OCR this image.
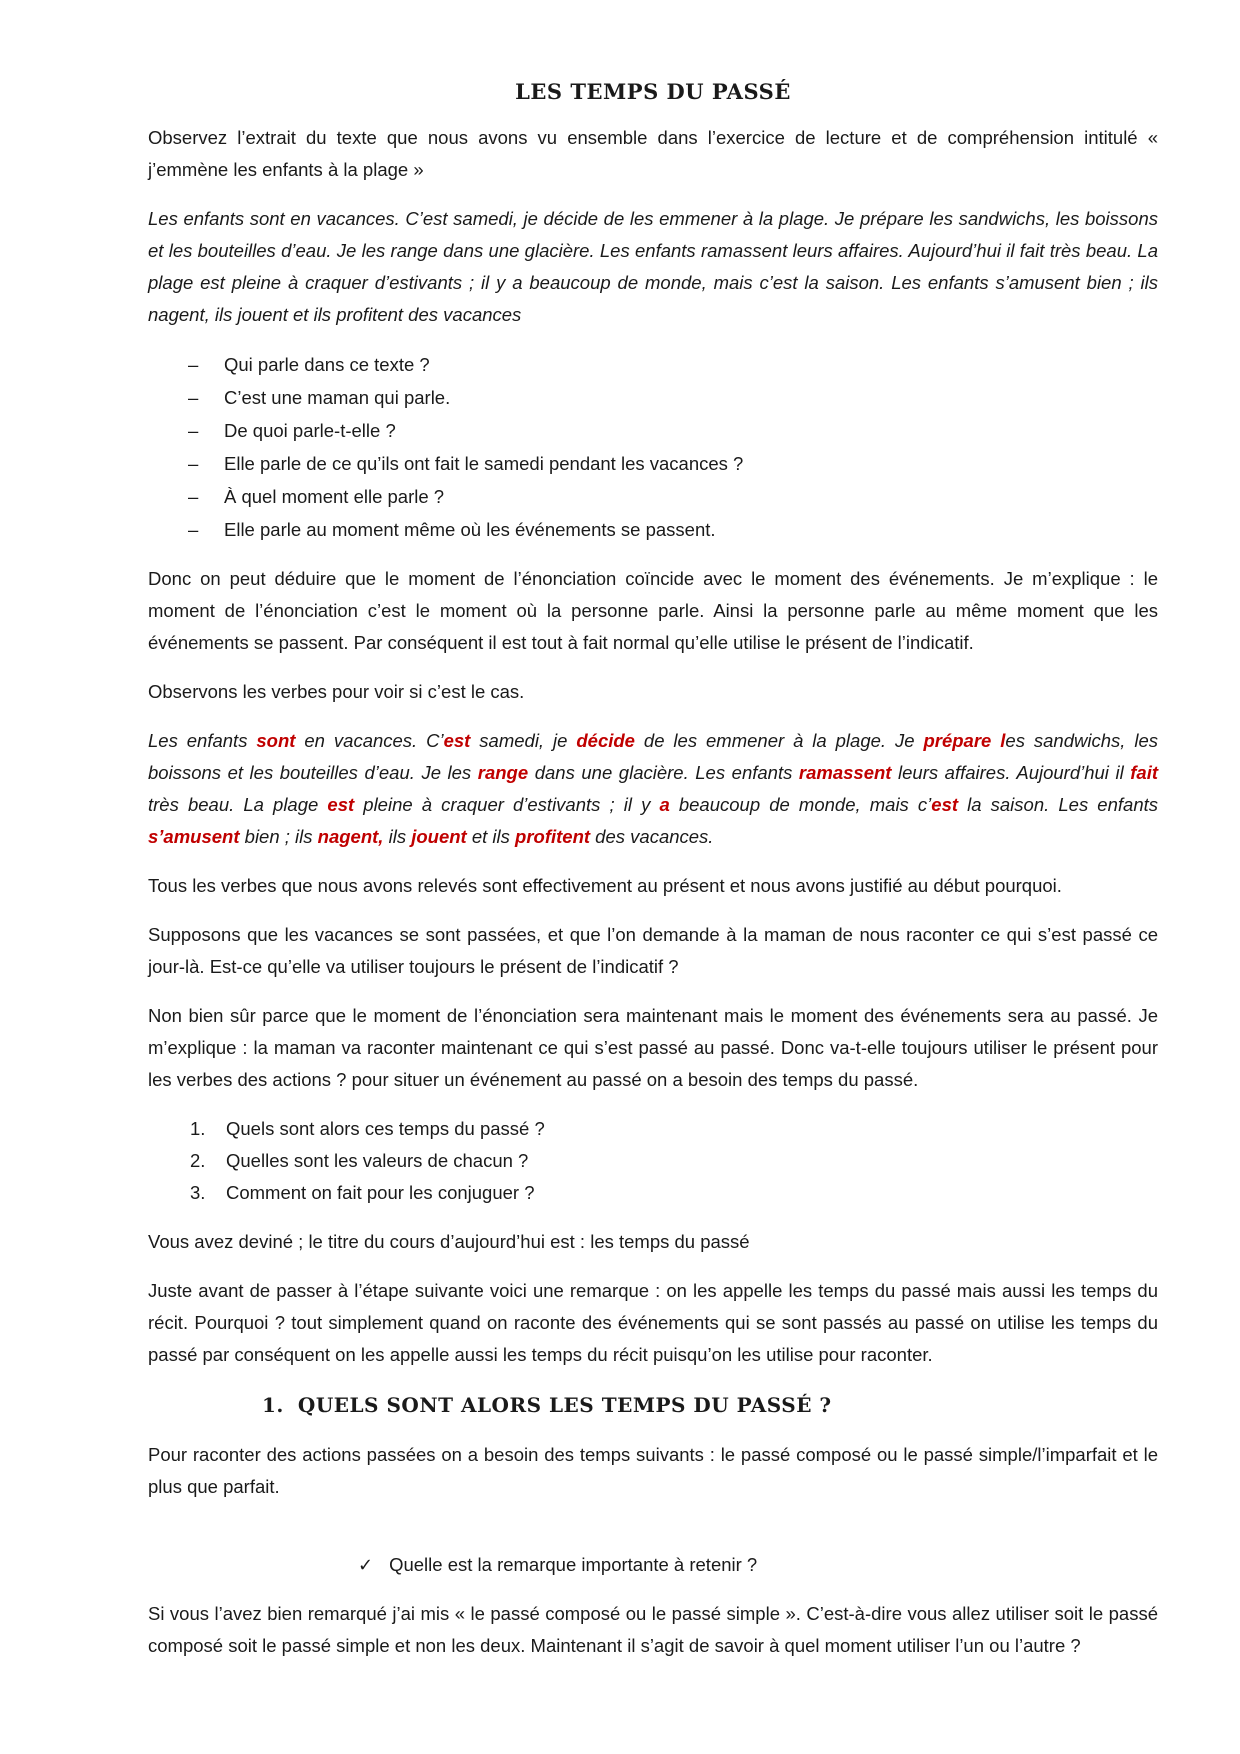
LES TEMPS DU PASSÉ

Observez l’extrait du texte que nous avons vu ensemble dans l’exercice de lecture et de compréhension intitulé « j’emmène les enfants à la plage »

Les enfants sont en vacances. C’est samedi, je décide de les emmener à la plage. Je prépare les sandwichs, les boissons et les bouteilles d’eau. Je les range dans une glacière. Les enfants ramassent leurs affaires. Aujourd’hui il fait très beau. La plage est pleine à craquer d’estivants ; il y a beaucoup de monde, mais c’est la saison. Les enfants s’amusent bien ; ils nagent, ils jouent et ils profitent des vacances

– Qui parle dans ce texte ?
– C’est une maman qui parle.
– De quoi parle-t-elle ?
– Elle parle de ce qu’ils ont fait le samedi pendant les vacances ?
– À quel moment elle parle ?
– Elle parle au moment même où les événements se passent.

Donc on peut déduire que le moment de l’énonciation coïncide avec le moment des événements. Je m’explique : le moment de l’énonciation c’est le moment où la personne parle. Ainsi la personne parle au même moment que les événements se passent. Par conséquent il est tout à fait normal qu’elle utilise le présent de l’indicatif.

Observons les verbes pour voir si c’est le cas.

Les enfants sont en vacances. C’est samedi, je décide de les emmener à la plage. Je prépare les sandwichs, les boissons et les bouteilles d’eau. Je les range dans une glacière. Les enfants ramassent leurs affaires. Aujourd’hui il fait très beau. La plage est pleine à craquer d’estivants ; il y a beaucoup de monde, mais c’est la saison. Les enfants s’amusent bien ; ils nagent, ils jouent et ils profitent des vacances.

Tous les verbes que nous avons relevés sont effectivement au présent et nous avons justifié au début pourquoi.

Supposons que les vacances se sont passées, et que l’on demande à la maman de nous raconter ce qui s’est passé ce jour-là. Est-ce qu’elle va utiliser toujours le présent de l’indicatif ?

Non bien sûr parce que le moment de l’énonciation sera maintenant mais le moment des événements sera au passé. Je m’explique : la maman va raconter maintenant ce qui s’est passé au passé. Donc va-t-elle toujours utiliser le présent pour les verbes des actions ? pour situer un événement au passé on a besoin des temps du passé.

1. Quels sont alors ces temps du passé ?
2. Quelles sont les valeurs de chacun ?
3. Comment on fait pour les conjuguer ?

Vous avez deviné ; le titre du cours d’aujourd’hui est : les temps du passé

Juste avant de passer à l’étape suivante voici une remarque : on les appelle les temps du passé mais aussi les temps du récit. Pourquoi ? tout simplement quand on raconte des événements qui se sont passés au passé on utilise les temps du passé par conséquent on les appelle aussi les temps du récit puisqu’on les utilise pour raconter.

1. QUELS SONT ALORS LES TEMPS DU PASSÉ ?

Pour raconter des actions passées on a besoin des temps suivants : le passé composé ou le passé simple/l’imparfait et le plus que parfait.

✓ Quelle est la remarque importante à retenir ?

Si vous l’avez bien remarqué j’ai mis « le passé composé ou le passé simple ». C’est-à-dire vous allez utiliser soit le passé composé soit le passé simple et non les deux. Maintenant il s’agit de savoir à quel moment utiliser l’un ou l’autre ?
